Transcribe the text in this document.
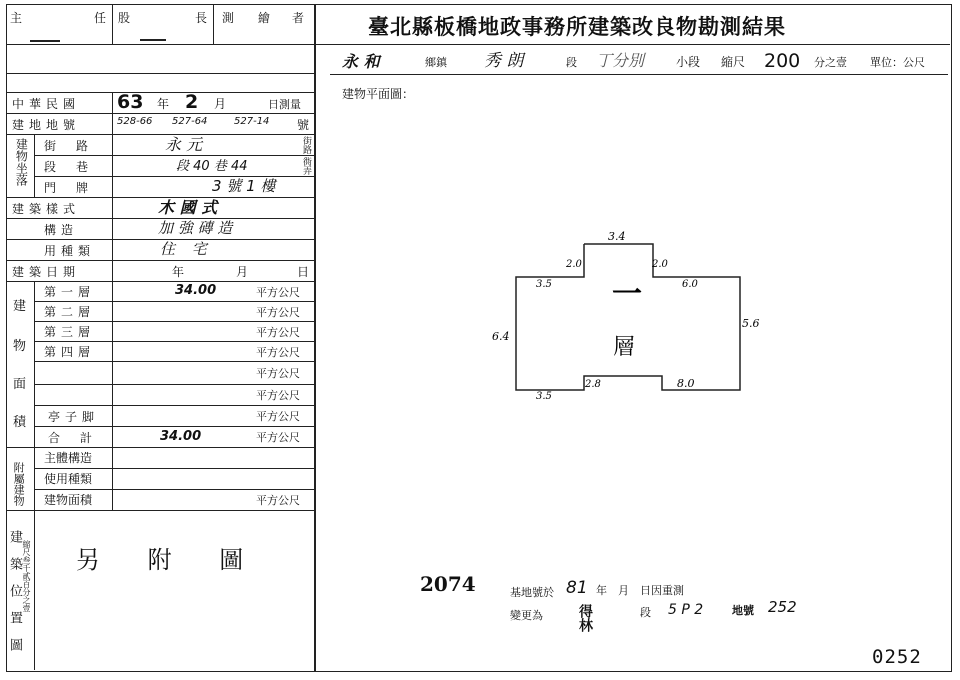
主	任 股	長 測 繪 者	臺北縣板橋地政事務所建築改良物勘測結果
永 和	鄉鎮 秀 朗	段 丁分別	小段 縮尺 200 分之壹 單位：公尺
中華民國 63 年 2 月	日測量
建地地號	528-66 527-64	527-14 號
建物坐落 街路	永 元	街路
段巷	段 40 巷 44	衖弄
門牌	3 號 1 樓
建築樣式	木 國 式
構造	加 強 磚 造
用種類	住 宅
建築日期	年	月	日
建
物
面
積
第一層	34.00	平方公尺
第二層	平方公尺
第三層	平方公尺
第四層	平方公尺
平方公尺
平方公尺
亭子脚	平方公尺
合計	34.00	平方公尺
附屬建物
主體構造
使用種類
建物面積	平方公尺
建築位置圖 縮尺叁千貳百分之壹 另 附 圖
建物平面圖：
一
層
3.4
2.0	2.0
3.5	6.0
6.4
5.6
3.5
2.8	8.0
2074	基地號於 81 年　月　日因重測
變更為 得林	段 5 P 2	地號 252
0252
